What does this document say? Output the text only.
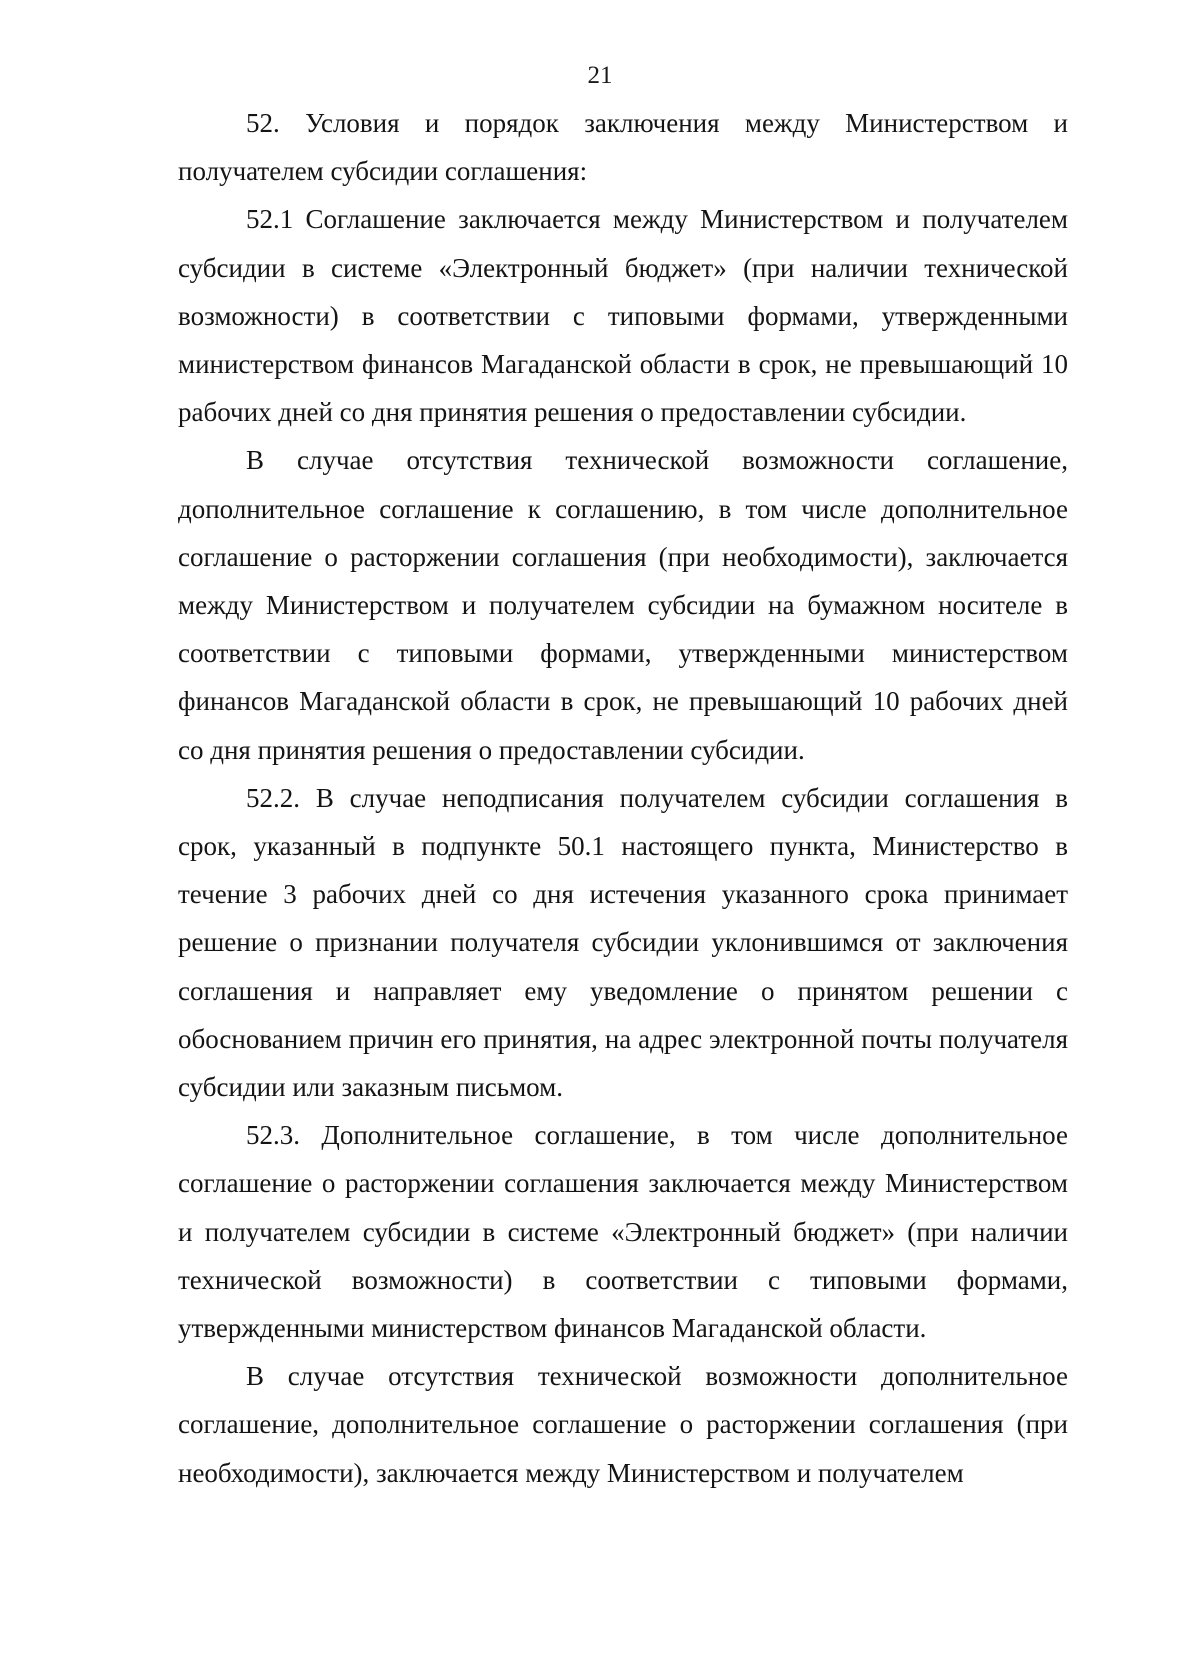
21

52. Условия и порядок заключения между Министерством и получателем субсидии соглашения:

52.1 Соглашение заключается между Министерством и получателем субсидии в системе «Электронный бюджет» (при наличии технической возможности) в соответствии с типовыми формами, утвержденными министерством финансов Магаданской области в срок, не превышающий 10 рабочих дней со дня принятия решения о предоставлении субсидии.

В случае отсутствия технической возможности соглашение, дополнительное соглашение к соглашению, в том числе дополнительное соглашение о расторжении соглашения (при необходимости), заключается между Министерством и получателем субсидии на бумажном носителе в соответствии с типовыми формами, утвержденными министерством финансов Магаданской области в срок, не превышающий 10 рабочих дней со дня принятия решения о предоставлении субсидии.

52.2. В случае неподписания получателем субсидии соглашения в срок, указанный в подпункте 50.1 настоящего пункта, Министерство в течение 3 рабочих дней со дня истечения указанного срока принимает решение о признании получателя субсидии уклонившимся от заключения соглашения и направляет ему уведомление о принятом решении с обоснованием причин его принятия, на адрес электронной почты получателя субсидии или заказным письмом.

52.3. Дополнительное соглашение, в том числе дополнительное соглашение о расторжении соглашения заключается между Министерством и получателем субсидии в системе «Электронный бюджет» (при наличии технической возможности) в соответствии с типовыми формами, утвержденными министерством финансов Магаданской области.

В случае отсутствия технической возможности дополнительное соглашение, дополнительное соглашение о расторжении соглашения (при необходимости), заключается между Министерством и получателем
